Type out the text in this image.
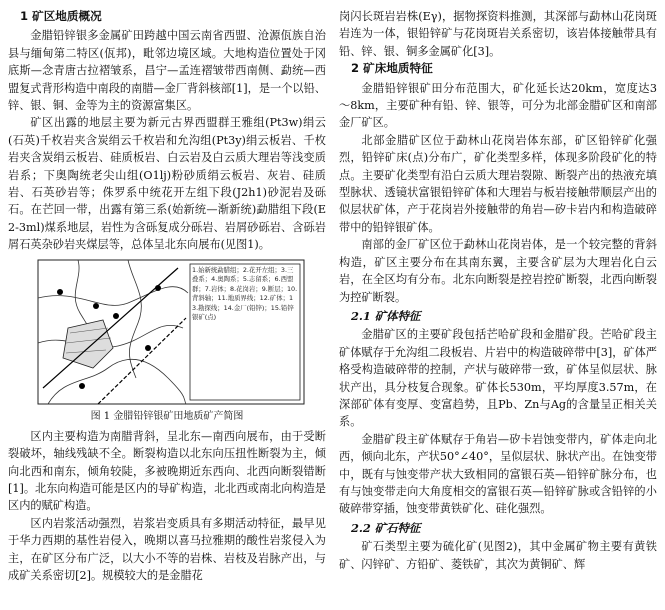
1 矿区地质概况

金腊铅锌银多金属矿田跨越中国云南省西盟、沧源佤族自治县与缅甸第二特区(佤邦)，毗邻边境区域。大地构造位置处于冈底斯—念青唐古拉褶皱系，昌宁—孟连褶皱带西南侧、勐统—西盟复式背形构造中南段的南腊—金厂背斜核部[1]，是一个以铅、锌、银、铜、金等为主的资源富集区。

矿区出露的地层主要为新元古界西盟群王雅组(Pt3w)绢云(石英)千枚岩夹含炭绢云千枚岩和允沟组(Pt3y)绢云板岩、千枚岩夹含炭绢云板岩、硅质板岩、白云岩及白云质大理岩等浅变质岩系；下奥陶统老尖山组(O1lj)粉砂质绢云板岩、灰岩、硅质岩、石英砂岩等；侏罗系中统花开左组下段(J2h1)砂泥岩及砾石。在芒回一带，出露有第三系(始新统—渐新统)勐腊组下段(E2-3ml)煤系地层，岩性为含砾复成分砾岩、岩屑砂砾岩、含砾岩屑石英杂砂岩夹煤层等，总体呈北东向展布(见图1)。

1.始新统勐腊组；2.花开左组；3.三叠系；4.奥陶系；5.志留系；6.西盟群；7.岩体；8.花岗岩；9.断层；10.背斜轴；11.地质界线；12.矿体；13.勘探线；14.金厂(铅锌)；15.铅锌银矿(点)
图 1 金腊铅锌银矿田地质矿产简图

区内主要构造为南腊背斜，呈北东—南西向展布，由于受断裂破坏，轴线残缺不全。断裂构造以北东向压扭性断裂为主，倾向北西和南东，倾角较陡，多被晚期近东西向、北西向断裂错断[1]。北东向构造可能是区内的导矿构造，北北西或南北向构造是区内的赋矿构造。

区内岩浆活动强烈，岩浆岩变质具有多期活动特征，最早见于华力西期的基性岩侵入，晚期以喜马拉雅期的酸性岩浆侵入为主，在矿区分布广泛，以大小不等的岩株、岩枝及岩脉产出，与成矿关系密切[2]。规模较大的是金腊花

岗闪长斑岩岩株(Eγ)，据物探资料推测，其深部与勐林山花岗斑岩连为一体，银铅锌矿与花岗斑岩关系密切，该岩体接触带具有铅、锌、银、铜多金属矿化[3]。

2 矿床地质特征

金腊铅锌银矿田分布范围大，矿化延长达20km，宽度达3～8km，主要矿种有铅、锌、银等，可分为北部金腊矿区和南部金厂矿区。

北部金腊矿区位于勐林山花岗岩体东部，矿区铅锌矿化强烈，铅锌矿床(点)分布广，矿化类型多样，体现多阶段矿化的特点。主要矿化类型有沿白云质大理岩裂隙、断裂产出的热液充填型脉状、透镜状富银铅锌矿体和大理岩与板岩接触带顺层产出的似层状矿体，产于花岗岩外接触带的角岩—矽卡岩内和构造破碎带中的铅锌银矿体。

南部的金厂矿区位于勐林山花岗岩体，是一个较完整的背斜构造，矿区主要分布在其南东翼，主要含矿层为大理岩化白云岩，在全区均有分布。北东向断裂是控岩控矿断裂，北西向断裂为控矿断裂。

2.1 矿体特征

金腊矿区的主要矿段包括芒哈矿段和金腊矿段。芒哈矿段主矿体赋存于允沟组二段板岩、片岩中的构造破碎带中[3]，矿体严格受构造破碎带的控制，产状与破碎带一致，矿体呈似层状、脉状产出，具分枝复合现象。矿体长530m，平均厚度3.57m，在深部矿体有变厚、变富趋势，且Pb、Zn与Ag的含量呈正相关关系。

金腊矿段主矿体赋存于角岩—矽卡岩蚀变带内，矿体走向北西，倾向北东，产状50°∠40°，呈似层状、脉状产出。在蚀变带中，既有与蚀变带产状大致相同的富银石英—铅锌矿脉分布，也有与蚀变带走向大角度相交的富银石英—铅锌矿脉或含铅锌的小破碎带穿插，蚀变带黄铁矿化、硅化强烈。

2.2 矿石特征

矿石类型主要为硫化矿(见图2)，其中金属矿物主要有黄铁矿、闪锌矿、方铅矿、菱铁矿，其次为黄铜矿、辉
